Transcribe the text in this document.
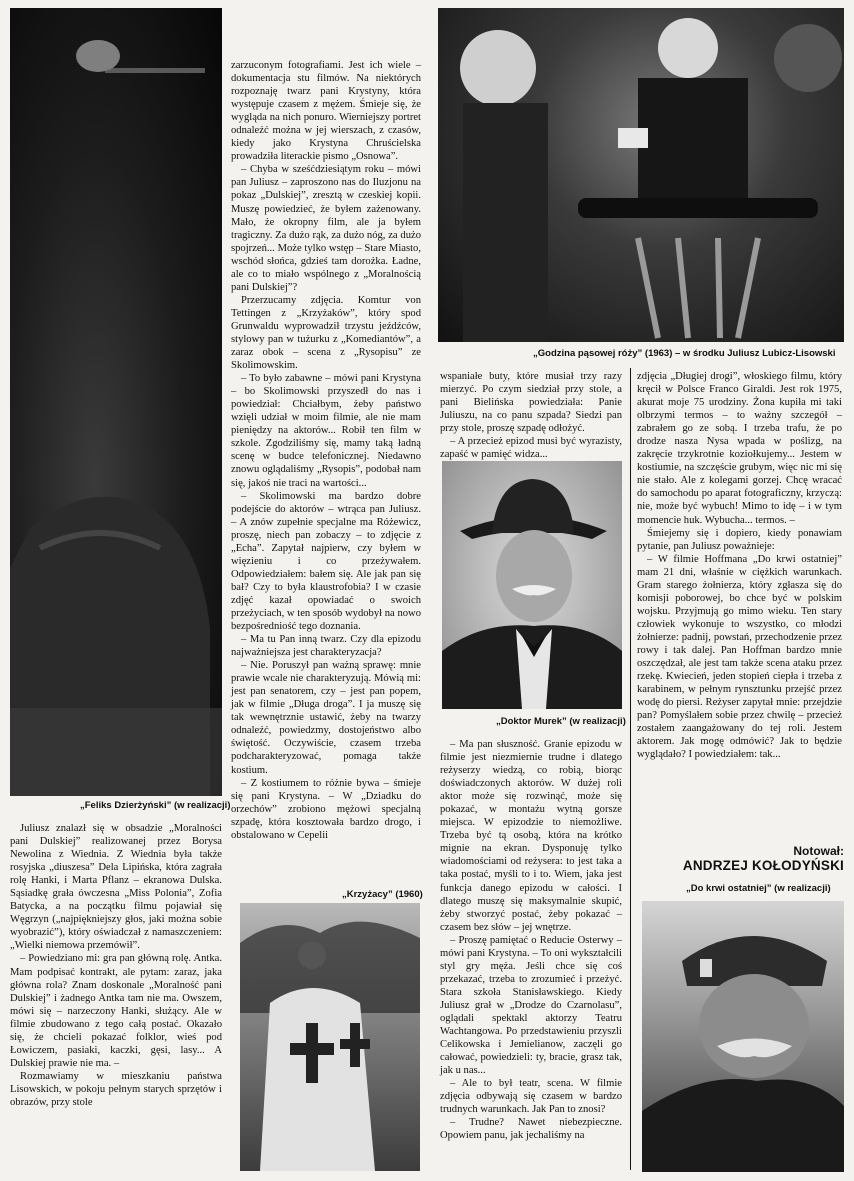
„Feliks Dzierżyński” (w realizacji)
„Godzina pąsowej róży” (1963) – w środku Juliusz Lubicz-Lisowski
„Doktor Murek” (w realizacji)
„Krzyżacy” (1960)
„Do krwi ostatniej” (w realizacji)

Juliusz znalazł się w obsadzie „Moralności pani Dulskiej” realizowanej przez Borysa Newolina z Wiednia. Z Wiednia była także rosyjska „diuszesa” Dela Lipińska, która zagrała rolę Hanki, i Marta Pflanz – ekranowa Dulska. Sąsiadkę grała ówczesna „Miss Polonia”, Zofia Batycka, a na początku filmu pojawiał się Węgrzyn („najpiękniejszy głos, jaki można sobie wyobrazić”), który oświadczał z namaszczeniem: „Wielki niemowa przemówił”.

– Powiedziano mi: gra pan główną rolę. Antka. Mam podpisać kontrakt, ale pytam: zaraz, jaka główna rola? Znam doskonale „Moralność pani Dulskiej” i żadnego Antka tam nie ma. Owszem, mówi się – narzeczony Hanki, służący. Ale w filmie zbudowano z tego całą postać. Okazało się, że chcieli pokazać folklor, wieś pod Łowiczem, pasiaki, kaczki, gęsi, lasy... A Dulskiej prawie nie ma. –

Rozmawiamy w mieszkaniu państwa Lisowskich, w pokoju pełnym starych sprzętów i obrazów, przy stole

zarzuconym fotografiami. Jest ich wiele – dokumentacja stu filmów. Na niektórych rozpoznaję twarz pani Krystyny, która występuje czasem z mężem. Śmieje się, że wygląda na nich ponuro. Wierniejszy portret odnaleźć można w jej wierszach, z czasów, kiedy jako Krystyna Chruścielska prowadziła literackie pismo „Osnowa”.

– Chyba w sześćdziesiątym roku – mówi pan Juliusz – zaproszono nas do Iluzjonu na pokaz „Dulskiej”, zresztą w czeskiej kopii. Muszę powiedzieć, że byłem zażenowany. Mało, że okropny film, ale ja byłem tragiczny. Za dużo rąk, za dużo nóg, za dużo spojrzeń... Może tylko wstęp – Stare Miasto, wschód słońca, gdzieś tam dorożka. Ładne, ale co to miało wspólnego z „Moralnością pani Dulskiej”?

Przerzucamy zdjęcia. Komtur von Tettingen z „Krzyżaków”, który spod Grunwaldu wyprowadził trzystu jeźdźców, stylowy pan w tużurku z „Komediantów”, a zaraz obok – scena z „Rysopisu” ze Skolimowskim.

– To było zabawne – mówi pani Krystyna – bo Skolimowski przyszedł do nas i powiedział: Chciałbym, żeby państwo wzięli udział w moim filmie, ale nie mam pieniędzy na aktorów... Robił ten film w szkole. Zgodziliśmy się, mamy taką ładną scenę w budce telefonicznej. Niedawno znowu oglądaliśmy „Rysopis”, podobał nam się, jakoś nie traci na wartości...

– Skolimowski ma bardzo dobre podejście do aktorów – wtrąca pan Juliusz. – A znów zupełnie specjalne ma Różewicz, proszę, niech pan zobaczy – to zdjęcie z „Echa”. Zapytał najpierw, czy byłem w więzieniu i co przeżywałem. Odpowiedziałem: bałem się. Ale jak pan się bał? Czy to była klaustrofobia? I w czasie zdjęć kazał opowiadać o swoich przeżyciach, w ten sposób wydobył na nowo bezpośredniość tego doznania.

– Ma tu Pan inną twarz. Czy dla epizodu najważniejsza jest charakteryzacja?

– Nie. Poruszył pan ważną sprawę: mnie prawie wcale nie charakteryzują. Mówią mi: jest pan senatorem, czy – jest pan popem, jak w filmie „Długa droga”. I ja muszę się tak wewnętrznie ustawić, żeby na twarzy odnaleźć, powiedzmy, dostojeństwo albo świętość. Oczywiście, czasem trzeba podcharakteryzować, pomaga także kostium.

– Z kostiumem to różnie bywa – śmieje się pani Krystyna. – W „Dziadku do orzechów” zrobiono mężowi specjalną szpadę, która kosztowała bardzo drogo, i obstalowano w Cepelii

wspaniałe buty, które musiał trzy razy mierzyć. Po czym siedział przy stole, a pani Bielińska powiedziała: Panie Juliuszu, na co panu szpada? Siedzi pan przy stole, proszę szpadę odłożyć.

– A przecież epizod musi być wyrazisty, zapaść w pamięć widza...

– Ma pan słuszność. Granie epizodu w filmie jest niezmiernie trudne i dlatego reżyserzy wiedzą, co robią, biorąc doświadczonych aktorów. W dużej roli aktor może się rozwinąć, może się pokazać, w montażu wytną gorsze miejsca. W epizodzie to niemożliwe. Trzeba być tą osobą, która na krótko mignie na ekran. Dysponuję tylko wiadomościami od reżysera: to jest taka a taka postać, myśli to i to. Wiem, jaka jest funkcja danego epizodu w całości. I dlatego muszę się maksymalnie skupić, żeby stworzyć postać, żeby pokazać – czasem bez słów – jej wnętrze.

– Proszę pamiętać o Reducie Osterwy – mówi pani Krystyna. – To oni wykształcili styl gry męża. Jeśli chce się coś przekazać, trzeba to zrozumieć i przeżyć. Stara szkoła Stanisławskiego. Kiedy Juliusz grał w „Drodze do Czarnolasu”, oglądali spektakl aktorzy Teatru Wachtangowa. Po przedstawieniu przyszli Celikowska i Jemielianow, zaczęli go całować, powiedzieli: ty, bracie, grasz tak, jak u nas...

– Ale to był teatr, scena. W filmie zdjęcia odbywają się czasem w bardzo trudnych warunkach. Jak Pan to znosi?

– Trudne? Nawet niebezpieczne. Opowiem panu, jak jechaliśmy na

zdjęcia „Długiej drogi”, włoskiego filmu, który kręcił w Polsce Franco Giraldi. Jest rok 1975, akurat mojе 75 urodziny. Żona kupiła mi taki olbrzymi termos – to ważny szczegół – zabrałem go ze sobą. I trzeba trafu, że po drodze nasza Nysa wpada w poślizg, na zakręcie trzykrotnie koziołkujemy... Jestem w kostiumie, na szczęście grubym, więc nic mi się nie stało. Ale z kolegami gorzej. Chcę wracać do samochodu po aparat fotograficzny, krzyczą: nie, może być wybuch! Mimo to idę – i w tym momencie huk. Wybucha... termos. –

Śmiejemy się i dopiero, kiedy ponawiam pytanie, pan Juliusz poważnieje:

– W filmie Hoffmana „Do krwi ostatniej” mam 21 dni, właśnie w ciężkich warunkach. Gram starego żołnierza, który zgłasza się do komisji poborowej, bo chce być w polskim wojsku. Przyjmują go mimo wieku. Ten stary człowiek wykonuje to wszystko, co młodzi żołnierze: padnij, powstań, przechodzenie przez rowy i tak dalej. Pan Hoffman bardzo mnie oszczędzał, ale jest tam także scena ataku przez rzekę. Kwiecień, jeden stopień ciepła i trzeba z karabinem, w pełnym rynsztunku przejść przez wodę do piersi. Reżyser zapytał mnie: przejdzie pan? Pomyślałem sobie przez chwilę – przecież zostałem zaangażowany do tej roli. Jestem aktorem. Jak mogę odmówić? Jak to będzie wyglądało? I powiedziałem: tak...

Notował:
ANDRZEJ KOŁODYŃSKI
